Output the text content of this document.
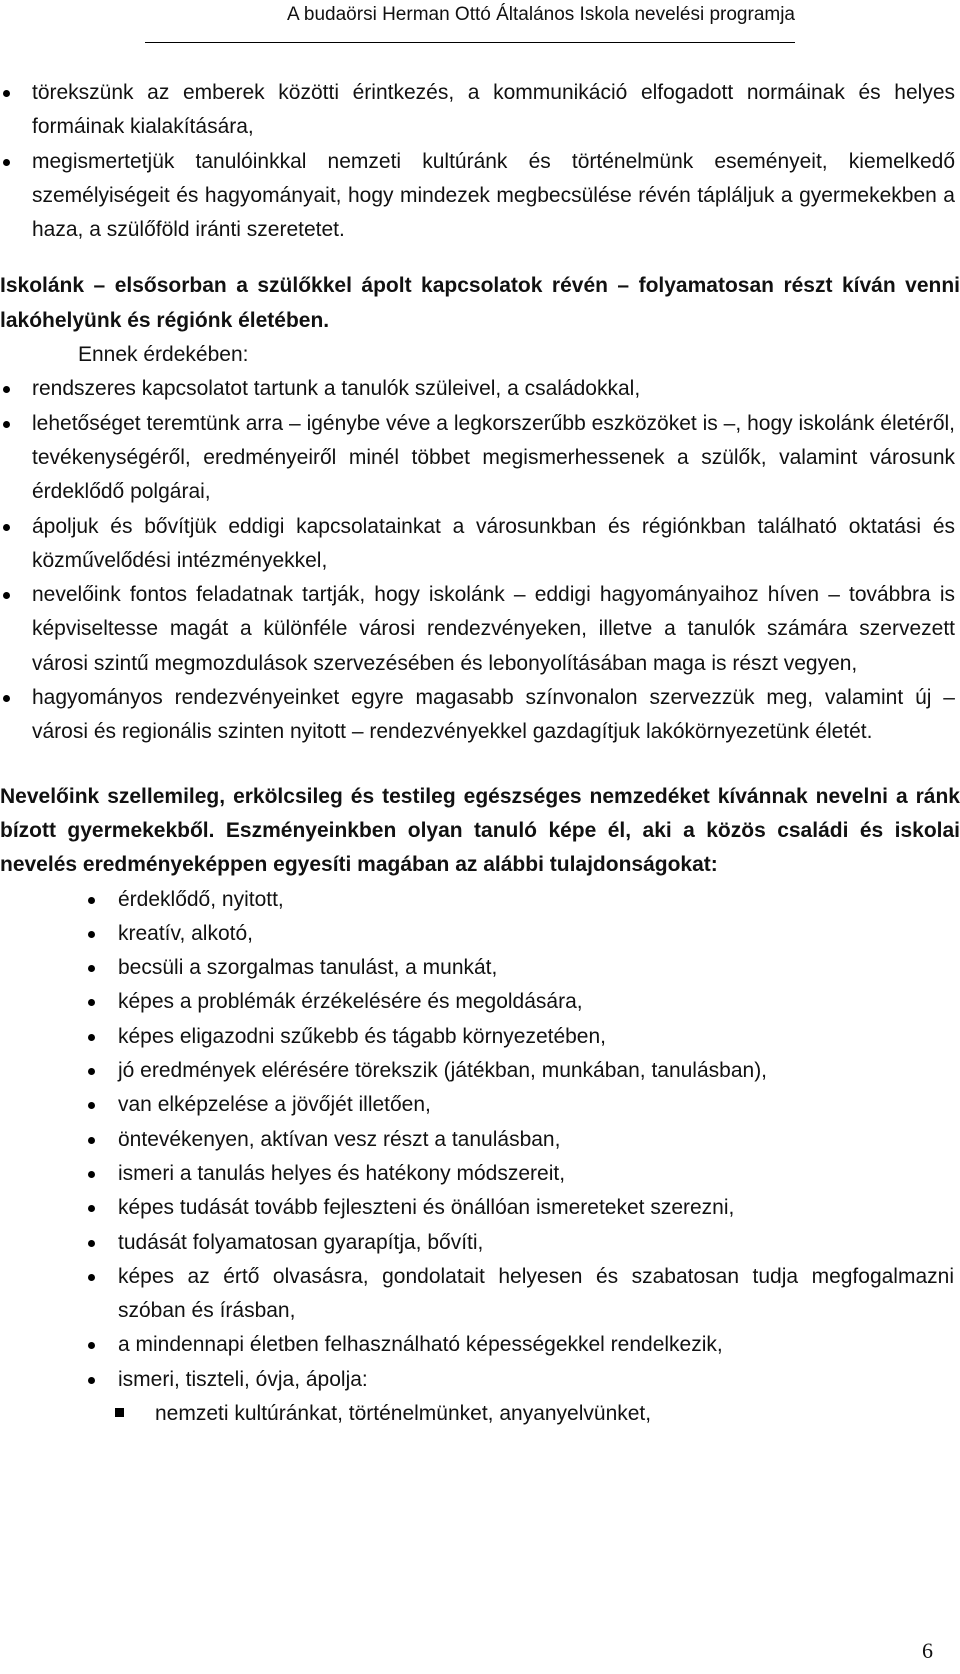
A budaörsi Herman Ottó Általános Iskola nevelési programja
törekszünk az emberek közötti érintkezés, a kommunikáció elfogadott normáinak és helyes formáinak kialakítására,
megismertetjük tanulóinkkal nemzeti kultúránk és történelmünk eseményeit, kiemelkedő személyiségeit és hagyományait, hogy mindezek megbecsülése révén tápláljuk a gyermekekben a haza, a szülőföld iránti szeretetet.

Iskolánk – elsősorban a szülőkkel ápolt kapcsolatok révén – folyamatosan részt kíván venni lakóhelyünk és régiónk életében.

Ennek érdekében:

rendszeres kapcsolatot tartunk a tanulók szüleivel, a családokkal,
lehetőséget teremtünk arra – igénybe véve a legkorszerűbb eszközöket is –, hogy iskolánk életéről, tevékenységéről, eredményeiről minél többet megismerhessenek a szülők, valamint városunk érdeklődő polgárai,
ápoljuk és bővítjük eddigi kapcsolatainkat a városunkban és régiónkban található oktatási és közművelődési intézményekkel,
nevelőink fontos feladatnak tartják, hogy iskolánk – eddigi hagyományaihoz híven – továbbra is képviseltesse magát a különféle városi rendezvényeken, illetve a tanulók számára szervezett városi szintű megmozdulások szervezésében és lebonyolításában maga is részt vegyen,
hagyományos rendezvényeinket egyre magasabb színvonalon szervezzük meg, valamint új – városi és regionális szinten nyitott – rendezvényekkel gazdagítjuk lakókörnyezetünk életét.

Nevelőink szellemileg, erkölcsileg és testileg egészséges nemzedéket kívánnak nevelni a ránk bízott gyermekekből. Eszményeinkben olyan tanuló képe él, aki a közös családi és iskolai nevelés eredményeképpen egyesíti magában az alábbi tulajdonságokat:

érdeklődő, nyitott,
kreatív, alkotó,
becsüli a szorgalmas tanulást, a munkát,
képes a problémák érzékelésére és megoldására,
képes eligazodni szűkebb és tágabb környezetében,
jó eredmények elérésére törekszik (játékban, munkában, tanulásban),
van elképzelése a jövőjét illetően,
öntevékenyen, aktívan vesz részt a tanulásban,
ismeri a tanulás helyes és hatékony módszereit,
képes tudását tovább fejleszteni és önállóan ismereteket szerezni,
tudását folyamatosan gyarapítja, bővíti,
képes az értő olvasásra, gondolatait helyesen és szabatosan tudja megfogalmazni szóban és írásban,
a mindennapi életben felhasználható képességekkel rendelkezik,
ismeri, tiszteli, óvja, ápolja:
nemzeti kultúránkat, történelmünket, anyanyelvünket,
6
